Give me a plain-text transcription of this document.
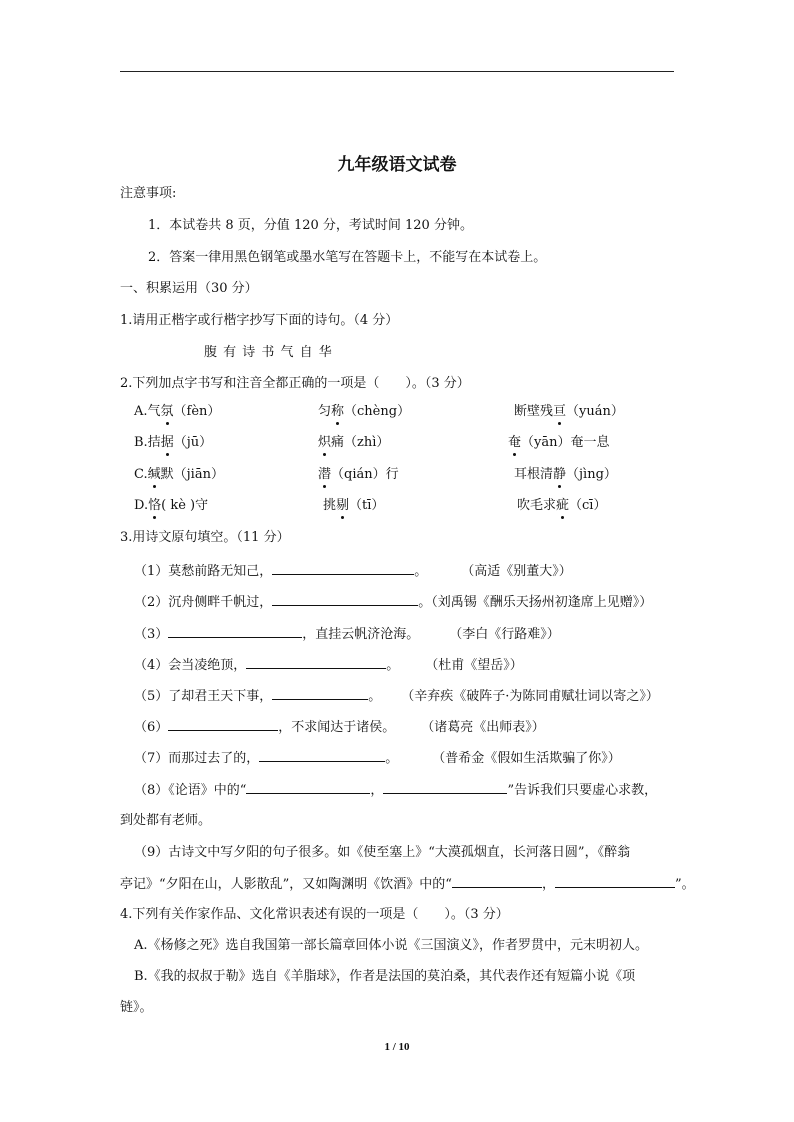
九年级语文试卷
注意事项:
1．本试卷共 8 页，分值 120 分，考试时间 120 分钟。
2．答案一律用黑色钢笔或墨水笔写在答题卡上，不能写在本试卷上。
一、积累运用（30 分）
1.请用正楷字或行楷字抄写下面的诗句。（4 分）
腹 有 诗 书 气 自 华
2.下列加点字书写和注音全都正确的一项是（　　）。（3 分）
A.气氛（fèn）	匀称（chèng）	断壁残亘（yuán）
B.拮据（jū）	炽痛（zhì）	奄（yān）奄一息
C.缄默（jiān）	潜（qián）行	耳根清静（jìng）
D.恪( kè )守	挑剔（tī）	吹毛求疵（cī）
3.用诗文原句填空。（11 分）
（1）莫愁前路无知己，	。	（高适《别董大》）
（2）沉舟侧畔千帆过，	。（刘禹锡《酬乐天扬州初逢席上见赠》）
（3）	，直挂云帆济沧海。 （李白《行路难》）
（4）会当凌绝顶，	。 （杜甫《望岳》）
（5）了却君王天下事，	。 （辛弃疾《破阵子·为陈同甫赋壮词以寄之》）
（6）	，不求闻达于诸侯。 （诸葛亮《出师表》）
（7）而那过去了的，	。	（普希金《假如生活欺骗了你》）
（8）《论语》中的“	，	”告诉我们只要虚心求教，
到处都有老师。
（9）古诗文中写夕阳的句子很多。如《使至塞上》“大漠孤烟直，长河落日圆”，《醉翁
亭记》“夕阳在山，人影散乱”，又如陶渊明《饮酒》中的“	，	”。
4.下列有关作家作品、文化常识表述有误的一项是（　　）。（3 分）
A.《杨修之死》选自我国第一部长篇章回体小说《三国演义》，作者罗贯中，元末明初人。
B.《我的叔叔于勒》选自《羊脂球》，作者是法国的莫泊桑，其代表作还有短篇小说《项
链》。
1 / 10
